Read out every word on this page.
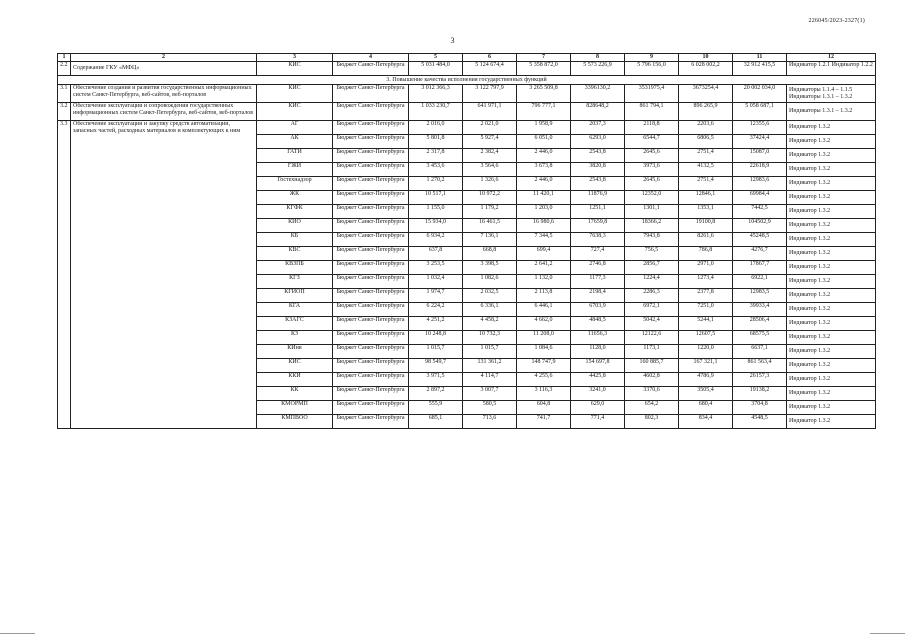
226045/2023-2327(1)
3
1	2	3	4	5	6	7	8	9	10	11	12
2.2	Содержание ГКУ «МФЦ»	КИС	Бюджет Санкт-Петербурга	5 031 484,0	5 124 674,4	5 358 872,0	5 573 226,9	5 796 156,0	6 028 002,2	32 912 415,5	Индикатор 1.2.1 Индикатор 1.2.2
3. Повышение качества исполнения государственных функций											
3.1	Обеспечение создания и развития государственных информационных систем Санкт-Петербурга, веб-сайтов, веб-порталов	КИС	Бюджет Санкт-Петербурга	3 012 366,3	3 122 797,9	3 265 509,8	3396130,2	3531975,4	3673254,4	20 002 034,0	Индикаторы 1.1.4 – 1.1.5 Индикаторы 1.3.1 – 1.3.2
3.2	Обеспечение эксплуатации и сопровождения государственных информационных систем Санкт-Петербурга, веб-сайтов, веб-порталов	КИС	Бюджет Санкт-Петербурга	1 033 230,7	641 971,1	796 777,1	828648,2	861 794,1	896 265,9	5 058 687,1	Индикаторы 1.3.1 – 1.3.2
3.3	Обеспечение эксплуатации и закупку средств автоматизации, запасных частей, расходных материалов и комплектующих к ним	АГ	Бюджет Санкт-Петербурга	2 016,0	2 021,0	1 958,9	2037,3	2118,8	2203,6	12355,6	Индикатор 1.3.2
		АК	Бюджет Санкт-Петербурга	5 801,8	5 927,4	6 051,0	6293,0	6544,7	6806,5	37424,4	Индикатор 1.3.2
		ГАТИ	Бюджет Санкт-Петербурга	2 317,8	2 382,4	2 446,0	2543,8	2645,6	2751,4	15087,0	Индикатор 1.3.2
		ГЖИ	Бюджет Санкт-Петербурга	3 453,6	3 564,6	3 673,8	3820,8	3973,6	4132,5	22618,9	Индикатор 1.3.2
		Гостехнадзор	Бюджет Санкт-Петербурга	1 270,2	1 326,6	2 446,0	2543,8	2645,6	2751,4	12983,6	Индикатор 1.3.2
		ЖК	Бюджет Санкт-Петербурга	10 517,1	10 972,2	11 420,1	11876,9	12352,0	12846,1	69984,4	Индикатор 1.3.2
		КГФК	Бюджет Санкт-Петербурга	1 155,0	1 179,2	1 203,0	1251,1	1301,1	1353,1	7442,5	Индикатор 1.3.2
		КИО	Бюджет Санкт-Петербурга	15 934,0	16 461,5	16 980,6	17659,8	18366,2	19100,8	104502,9	Индикатор 1.3.2
		КБ	Бюджет Санкт-Петербурга	6 934,2	7 136,1	7 344,5	7638,3	7943,8	8261,6	45248,5	Индикатор 1.3.2
		КВС	Бюджет Санкт-Петербурга	637,8	668,8	699,4	727,4	756,5	786,8	4276,7	Индикатор 1.3.2
		КВЗПБ	Бюджет Санкт-Петербурга	3 253,5	3 398,5	2 641,2	2746,8	2856,7	2971,0	17867,7	Индикатор 1.3.2
		КГЗ	Бюджет Санкт-Петербурга	1 032,4	1 082,6	1 132,0	1177,3	1224,4	1273,4	6922,1	Индикатор 1.3.2
		КГИОП	Бюджет Санкт-Петербурга	1 974,7	2 032,5	2 113,8	2198,4	2286,3	2377,8	12983,5	Индикатор 1.3.2
		КГА	Бюджет Санкт-Петербурга	6 224,2	6 336,1	6 446,1	6703,9	6972,1	7251,0	39933,4	Индикатор 1.3.2
		КЗАГС	Бюджет Санкт-Петербурга	4 251,2	4 458,2	4 662,0	4848,5	5042,4	5244,1	28506,4	Индикатор 1.3.2
		КЗ	Бюджет Санкт-Петербурга	10 248,8	10 732,3	11 208,0	11656,3	12122,6	12607,5	68575,5	Индикатор 1.3.2
		КИнв	Бюджет Санкт-Петербурга	1 015,7	1 015,7	1 084,6	1128,0	1173,1	1220,0	6637,1	Индикатор 1.3.2
		КИС	Бюджет Санкт-Петербурга	98 549,7	131 361,2	148 747,9	154 697,8	160 885,7	167 321,1	861 563,4	Индикатор 1.3.2
		ККИ	Бюджет Санкт-Петербурга	3 971,5	4 114,7	4 255,6	4425,8	4602,8	4786,9	26157,3	Индикатор 1.3.2
		КК	Бюджет Санкт-Петербурга	2 897,2	3 007,7	3 116,3	3241,0	3370,6	3505,4	19138,2	Индикатор 1.3.2
		КМОРМП	Бюджет Санкт-Петербурга	555,9	580,5	604,8	629,0	654,2	680,4	3704,8	Индикатор 1.3.2
		КМПВОО	Бюджет Санкт-Петербурга	685,1	713,6	741,7	771,4	802,3	834,4	4548,5	Индикатор 1.3.2
